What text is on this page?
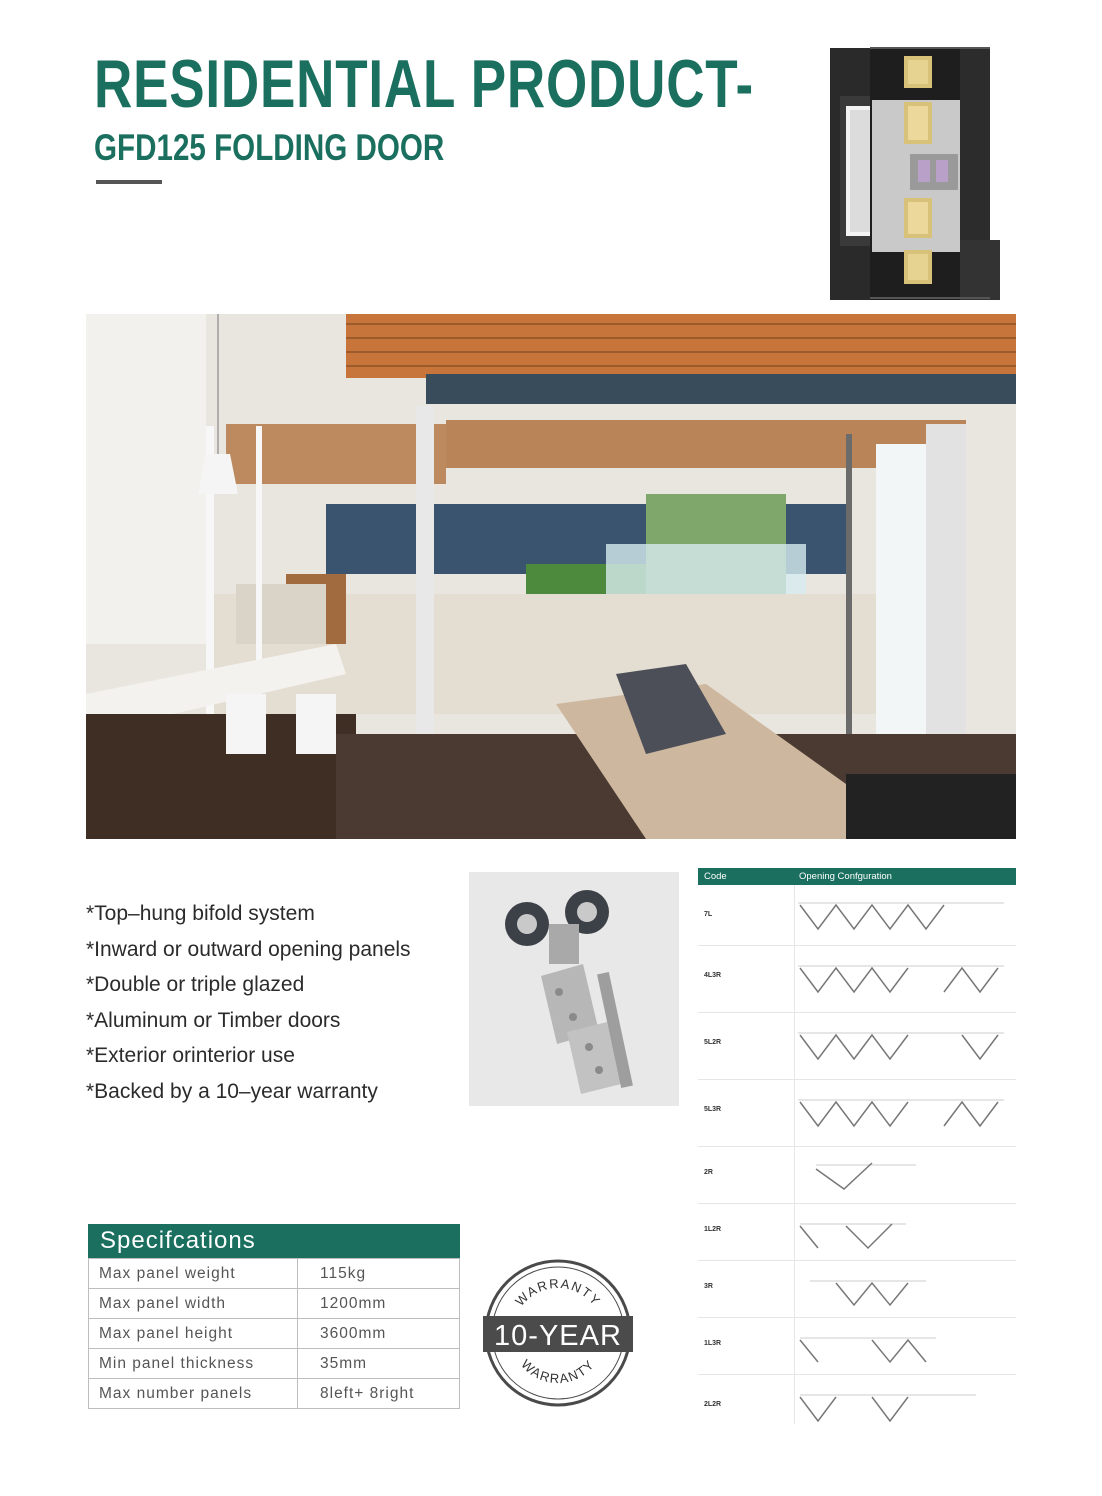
RESIDENTIAL PRODUCT-
GFD125 FOLDING DOOR
*Top–hung bifold system
*Inward or outward opening panels
*Double or triple glazed
*Aluminum or Timber doors
*Exterior orinterior use
*Backed by a 10–year warranty
Specifcations
Max panel weight	115kg
Max panel width	1200mm
Max panel height	3600mm
Min panel thickness	35mm
Max number panels	8left+ 8right
WARRANTY
10-YEAR
WARRANTY
Code	Opening Confguration
7L
4L3R
5L2R
5L3R
2R
1L2R
3R
1L3R
2L2R
